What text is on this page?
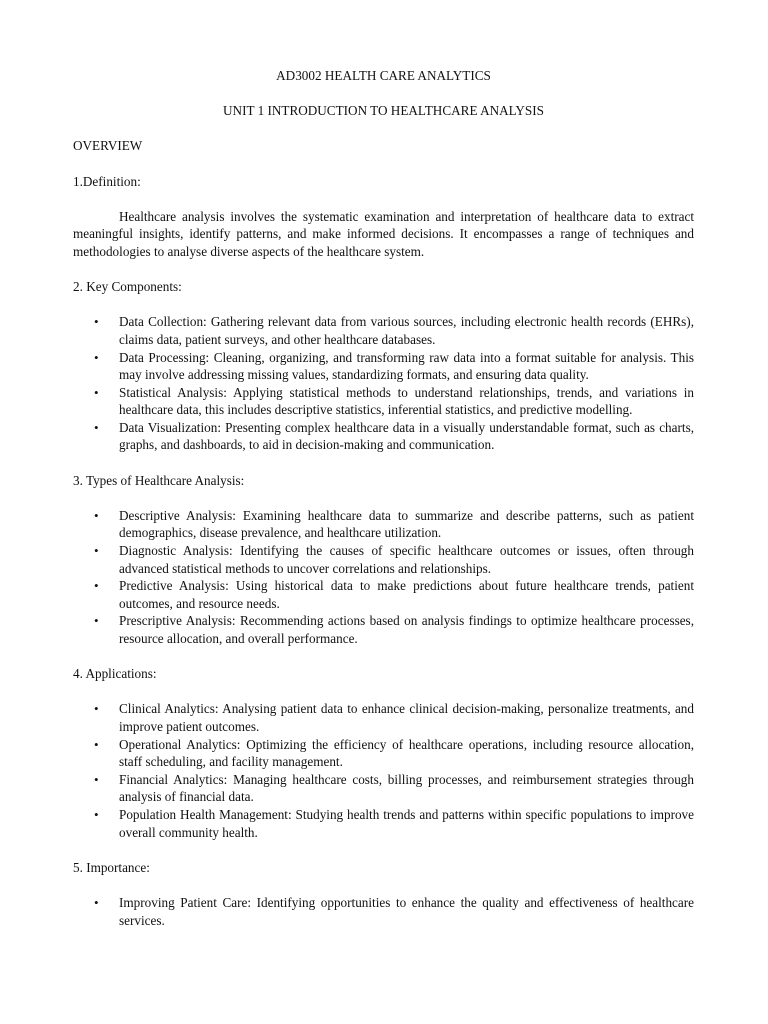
AD3002 HEALTH CARE ANALYTICS
UNIT 1 INTRODUCTION TO HEALTHCARE ANALYSIS
OVERVIEW
1.Definition:
Healthcare analysis involves the systematic examination and interpretation of healthcare data to extract meaningful insights, identify patterns, and make informed decisions. It encompasses a range of techniques and methodologies to analyse diverse aspects of the healthcare system.
2. Key Components:
• Data Collection: Gathering relevant data from various sources, including electronic health records (EHRs), claims data, patient surveys, and other healthcare databases.
• Data Processing: Cleaning, organizing, and transforming raw data into a format suitable for analysis. This may involve addressing missing values, standardizing formats, and ensuring data quality.
• Statistical Analysis: Applying statistical methods to understand relationships, trends, and variations in healthcare data, this includes descriptive statistics, inferential statistics, and predictive modelling.
• Data Visualization: Presenting complex healthcare data in a visually understandable format, such as charts, graphs, and dashboards, to aid in decision-making and communication.
3. Types of Healthcare Analysis:
• Descriptive Analysis: Examining healthcare data to summarize and describe patterns, such as patient demographics, disease prevalence, and healthcare utilization.
• Diagnostic Analysis: Identifying the causes of specific healthcare outcomes or issues, often through advanced statistical methods to uncover correlations and relationships.
• Predictive Analysis: Using historical data to make predictions about future healthcare trends, patient outcomes, and resource needs.
• Prescriptive Analysis: Recommending actions based on analysis findings to optimize healthcare processes, resource allocation, and overall performance.
4. Applications:
• Clinical Analytics: Analysing patient data to enhance clinical decision-making, personalize treatments, and improve patient outcomes.
• Operational Analytics: Optimizing the efficiency of healthcare operations, including resource allocation, staff scheduling, and facility management.
• Financial Analytics: Managing healthcare costs, billing processes, and reimbursement strategies through analysis of financial data.
• Population Health Management: Studying health trends and patterns within specific populations to improve overall community health.
5. Importance:
• Improving Patient Care: Identifying opportunities to enhance the quality and effectiveness of healthcare services.
